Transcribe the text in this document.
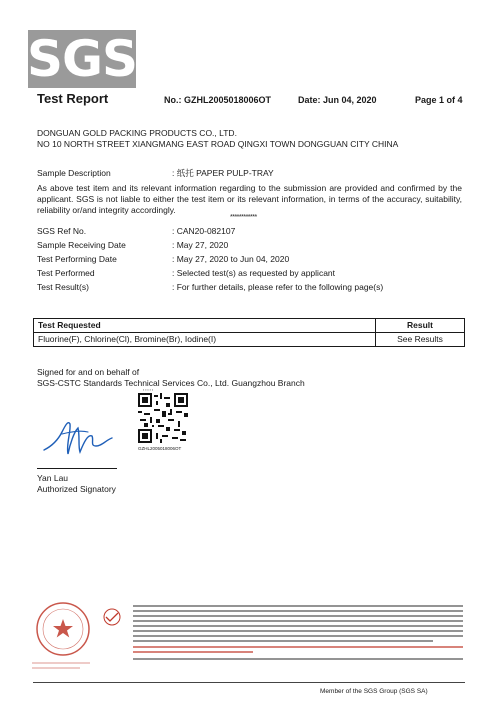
SGS
Test Report	No.: GZHL2005018006OT	Date: Jun 04, 2020	Page 1 of 4
DONGUAN GOLD PACKING PRODUCTS CO., LTD.
NO 10 NORTH STREET XIANGMANG EAST ROAD QINGXI TOWN DONGGUAN CITY CHINA
Sample Description	: 纸托 PAPER PULP-TRAY
As above test item and its relevant information regarding to the submission are provided and confirmed by the applicant. SGS is not liable to either the test item or its relevant information, in terms of the accuracy, suitability, reliability or/and integrity accordingly.
************
SGS Ref No.	: CAN20-082107
Sample Receiving Date	: May 27, 2020
Test Performing Date	: May 27, 2020 to Jun 04, 2020
Test Performed	: Selected test(s) as requested by applicant
Test Result(s)	: For further details, please refer to the following page(s)
Test Requested	Result
Fluorine(F), Chlorine(Cl), Bromine(Br), Iodine(I)	See Results
Signed for and on behalf of
SGS-CSTC Standards Technical Services Co., Ltd. Guangzhou Branch
▪ ▪ ▪ ▪ ▪
GZHL2005018006OT
Yan Lau
Authorized Signatory
Member of the SGS Group (SGS SA)
